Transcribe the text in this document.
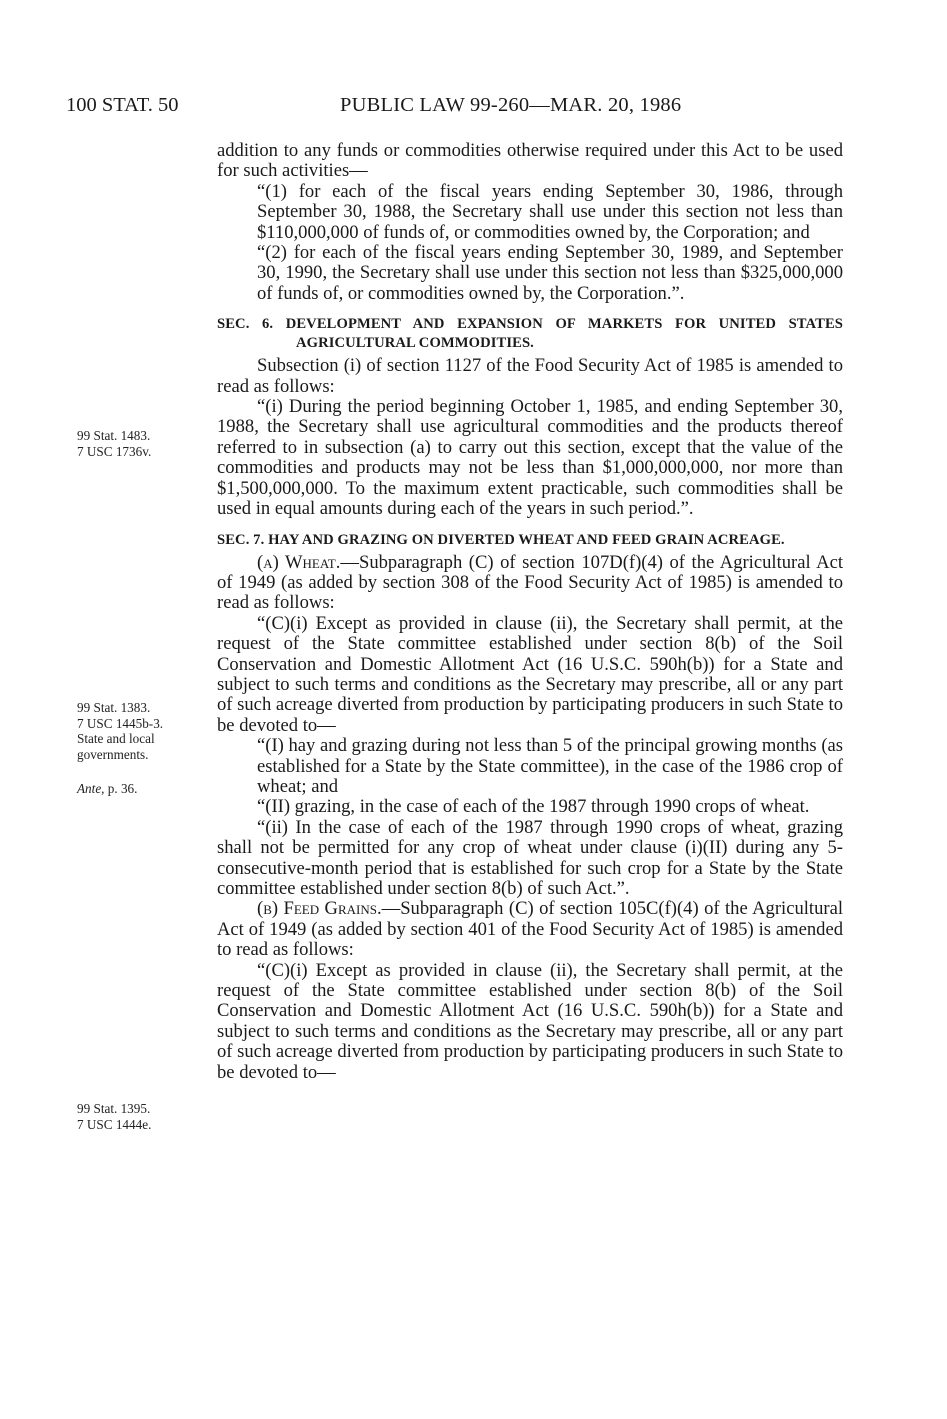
100 STAT. 50	PUBLIC LAW 99-260—MAR. 20, 1986
99 Stat. 1483.
7 USC 1736v.
99 Stat. 1383.
7 USC 1445b-3.
State and local
governments.
Ante, p. 36.
99 Stat. 1395.
7 USC 1444e.

addition to any funds or commodities otherwise required under this Act to be used for such activities—

“(1) for each of the fiscal years ending September 30, 1986, through September 30, 1988, the Secretary shall use under this section not less than $110,000,000 of funds of, or commodities owned by, the Corporation; and

“(2) for each of the fiscal years ending September 30, 1989, and September 30, 1990, the Secretary shall use under this section not less than $325,000,000 of funds of, or commodities owned by, the Corporation.”.

SEC. 6. DEVELOPMENT AND EXPANSION OF MARKETS FOR UNITED STATES AGRICULTURAL COMMODITIES.

Subsection (i) of section 1127 of the Food Security Act of 1985 is amended to read as follows:

“(i) During the period beginning October 1, 1985, and ending September 30, 1988, the Secretary shall use agricultural commodities and the products thereof referred to in subsection (a) to carry out this section, except that the value of the commodities and products may not be less than $1,000,000,000, nor more than $1,500,000,000. To the maximum extent practicable, such commodities shall be used in equal amounts during each of the years in such period.”.

SEC. 7. HAY AND GRAZING ON DIVERTED WHEAT AND FEED GRAIN ACREAGE.

(a) Wheat.—Subparagraph (C) of section 107D(f)(4) of the Agricultural Act of 1949 (as added by section 308 of the Food Security Act of 1985) is amended to read as follows:

“(C)(i) Except as provided in clause (ii), the Secretary shall permit, at the request of the State committee established under section 8(b) of the Soil Conservation and Domestic Allotment Act (16 U.S.C. 590h(b)) for a State and subject to such terms and conditions as the Secretary may prescribe, all or any part of such acreage diverted from production by participating producers in such State to be devoted to—

“(I) hay and grazing during not less than 5 of the principal growing months (as established for a State by the State committee), in the case of the 1986 crop of wheat; and

“(II) grazing, in the case of each of the 1987 through 1990 crops of wheat.

“(ii) In the case of each of the 1987 through 1990 crops of wheat, grazing shall not be permitted for any crop of wheat under clause (i)(II) during any 5-consecutive-month period that is established for such crop for a State by the State committee established under section 8(b) of such Act.”.

(b) Feed Grains.—Subparagraph (C) of section 105C(f)(4) of the Agricultural Act of 1949 (as added by section 401 of the Food Security Act of 1985) is amended to read as follows:

“(C)(i) Except as provided in clause (ii), the Secretary shall permit, at the request of the State committee established under section 8(b) of the Soil Conservation and Domestic Allotment Act (16 U.S.C. 590h(b)) for a State and subject to such terms and conditions as the Secretary may prescribe, all or any part of such acreage diverted from production by participating producers in such State to be devoted to—
